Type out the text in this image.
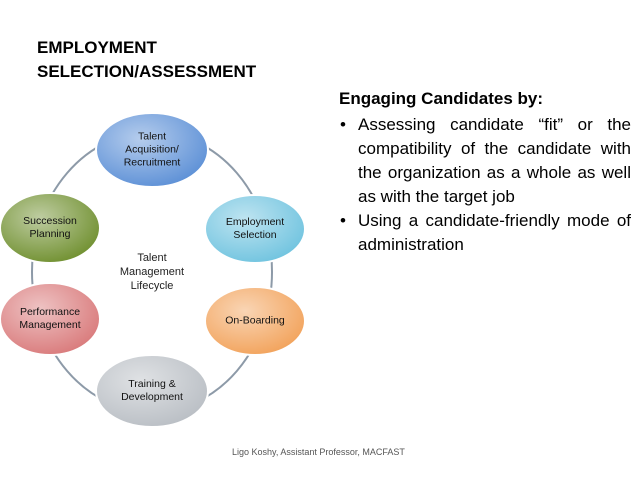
EMPLOYMENT
SELECTION/ASSESSMENT
Talent
Acquisition/
Recruitment
Employment
Selection
On-Boarding
Training &
Development
Performance
Management
Succession
Planning
Talent
Management
Lifecycle
Engaging Candidates by:
• Assessing candidate “fit” or the compatibility of the candidate with the organization as a whole as well as with the target job
• Using a candidate-friendly mode of administration
Ligo Koshy, Assistant Professor, MACFAST
